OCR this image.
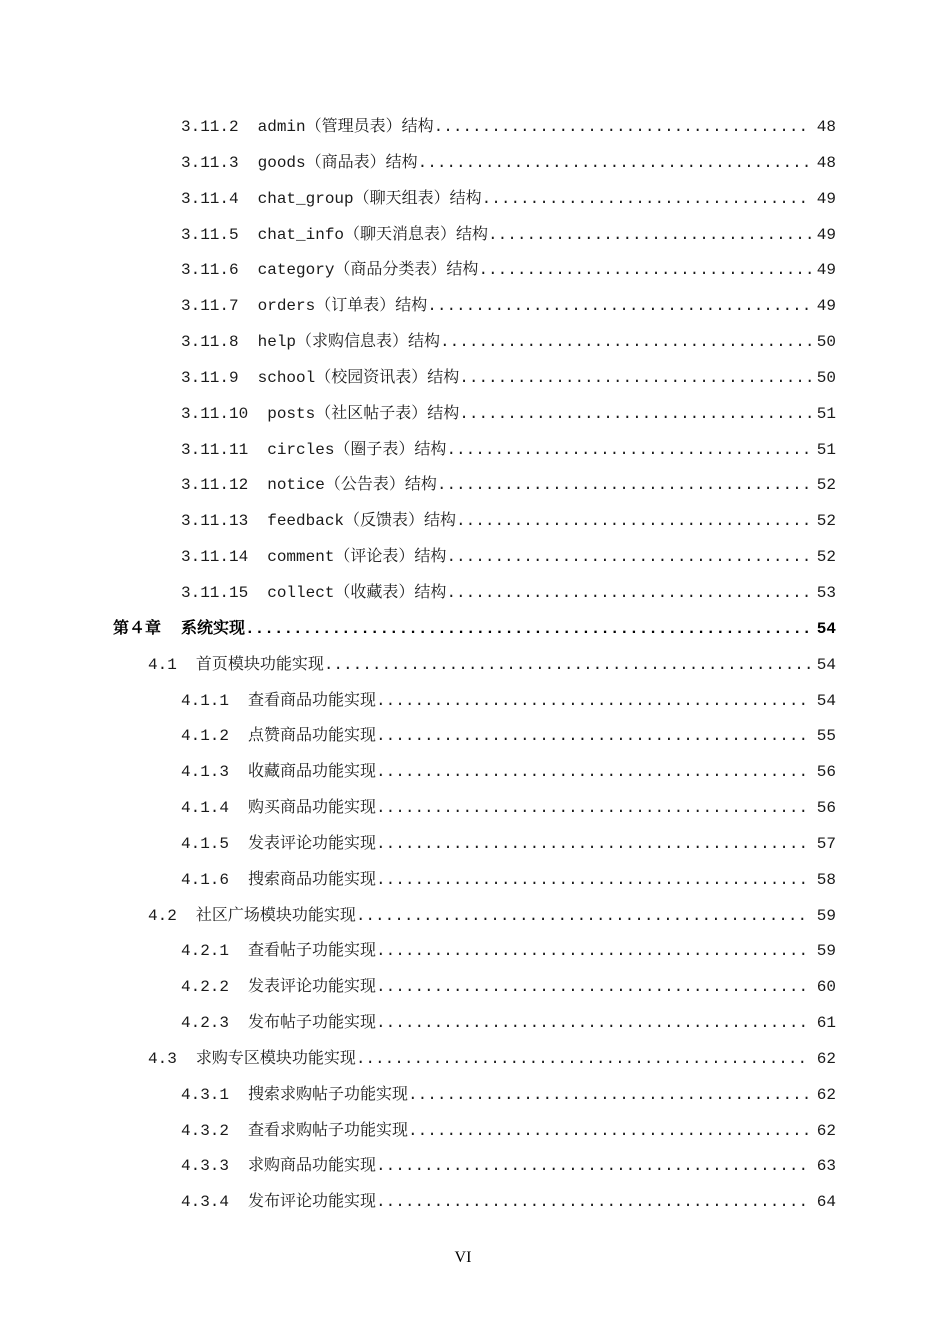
3.11.2 admin（管理员表）结构 .....	48
3.11.3 goods（商品表）结构 .....	48
3.11.4 chat_group（聊天组表）结构 .....	49
3.11.5 chat_info（聊天消息表）结构 .....	49
3.11.6 category（商品分类表）结构 .....	49
3.11.7 orders（订单表）结构 .....	49
3.11.8 help（求购信息表）结构 .....	50
3.11.9 school（校园资讯表）结构 .....	50
3.11.10 posts（社区帖子表）结构 .....	51
3.11.11 circles（圈子表）结构 .....	51
3.11.12 notice（公告表）结构 .....	52
3.11.13 feedback（反馈表）结构 .....	52
3.11.14 comment（评论表）结构 .....	52
3.11.15 collect（收藏表）结构 .....	53
第４章 系统实现 .....	54
4.1 首页模块功能实现 .....	54
4.1.1 查看商品功能实现 .....	54
4.1.2 点赞商品功能实现 .....	55
4.1.3 收藏商品功能实现 .....	56
4.1.4 购买商品功能实现 .....	56
4.1.5 发表评论功能实现 .....	57
4.1.6 搜索商品功能实现 .....	58
4.2 社区广场模块功能实现 .....	59
4.2.1 查看帖子功能实现 .....	59
4.2.2 发表评论功能实现 .....	60
4.2.3 发布帖子功能实现 .....	61
4.3 求购专区模块功能实现 .....	62
4.3.1 搜索求购帖子功能实现 .....	62
4.3.2 查看求购帖子功能实现 .....	62
4.3.3 求购商品功能实现 .....	63
4.3.4 发布评论功能实现 .....	64
VI
